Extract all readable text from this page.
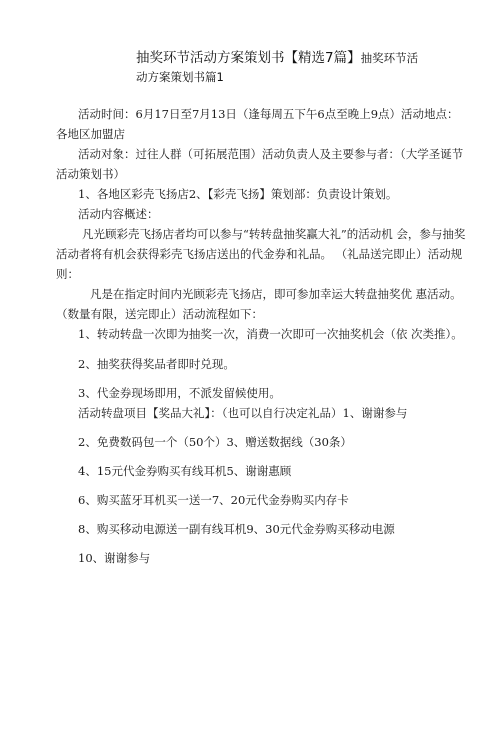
抽奖环节活动方案策划书【精选7篇】抽奖环节活
动方案策划书篇1

活动时间：6月17日至7月13日（逢每周五下午6点至晚上9点）活动地点：各地区加盟店

活动对象：过往人群（可拓展范围）活动负责人及主要参与者：（大学圣诞节活动策划书）

1、各地区彩壳飞扬店2、【彩壳飞扬】策划部：负责设计策划。

活动内容概述：

凡光顾彩壳飞扬店者均可以参与“转转盘抽奖赢大礼”的活动机 会，参与抽奖活动者将有机会获得彩壳飞扬店送出的代金券和礼品。 （礼品送完即止）活动规则：

凡是在指定时间内光顾彩壳飞扬店，即可参加幸运大转盘抽奖优 惠活动。（数量有限，送完即止）活动流程如下：

1、转动转盘一次即为抽奖一次，消费一次即可一次抽奖机会（依 次类推）。

2、抽奖获得奖品者即时兑现。

3、代金券现场即用，不派发留候使用。

活动转盘项目【奖品大礼】：（也可以自行决定礼品）1、谢谢参与

2、免费数码包一个（50个）3、赠送数据线（30条）

4、15元代金券购买有线耳机5、谢谢惠顾

6、购买蓝牙耳机买一送一7、20元代金券购买内存卡

8、购买移动电源送一副有线耳机9、30元代金券购买移动电源

10、谢谢参与
